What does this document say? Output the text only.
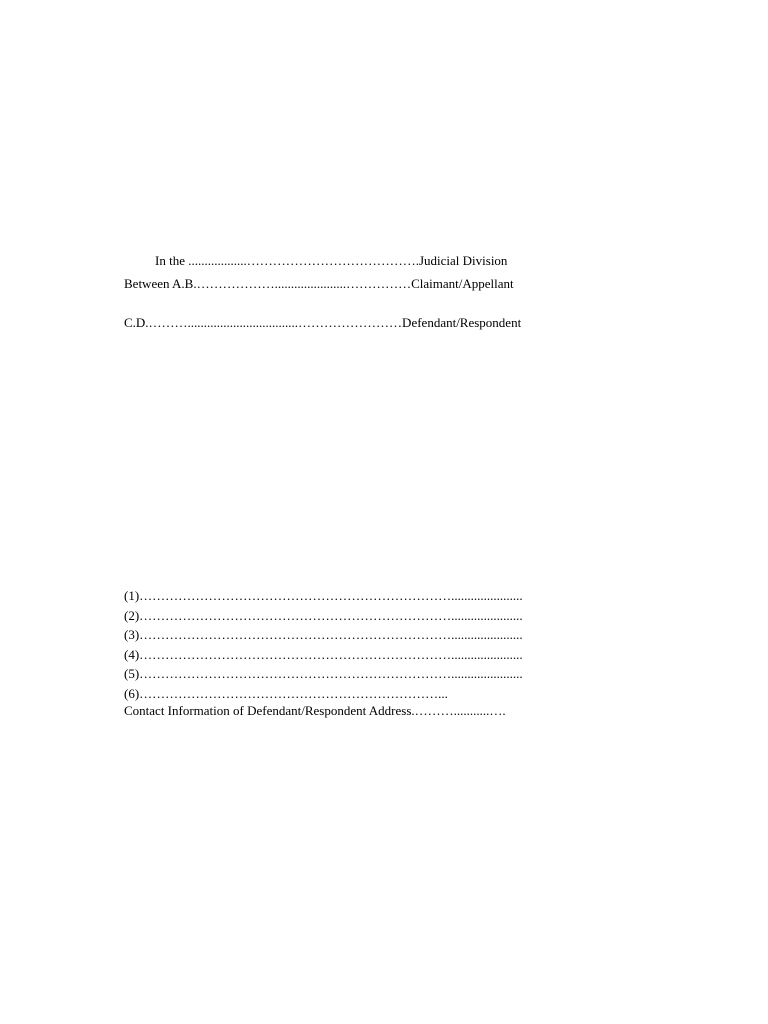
In the ..................………………………………….Judicial Division
Between A.B.………………......................……………Claimant/Appellant
C.D.………..................................……………………Defendant/Respondent
(1)………………………………………………………………......................
(2)………………………………………………………………......................
(3)………………………………………………………………......................
(4)………………………………………………………………......................
(5)………………………………………………………………......................
(6)……………………………………………………………...
Contact Information of Defendant/Respondent Address.………...........….
